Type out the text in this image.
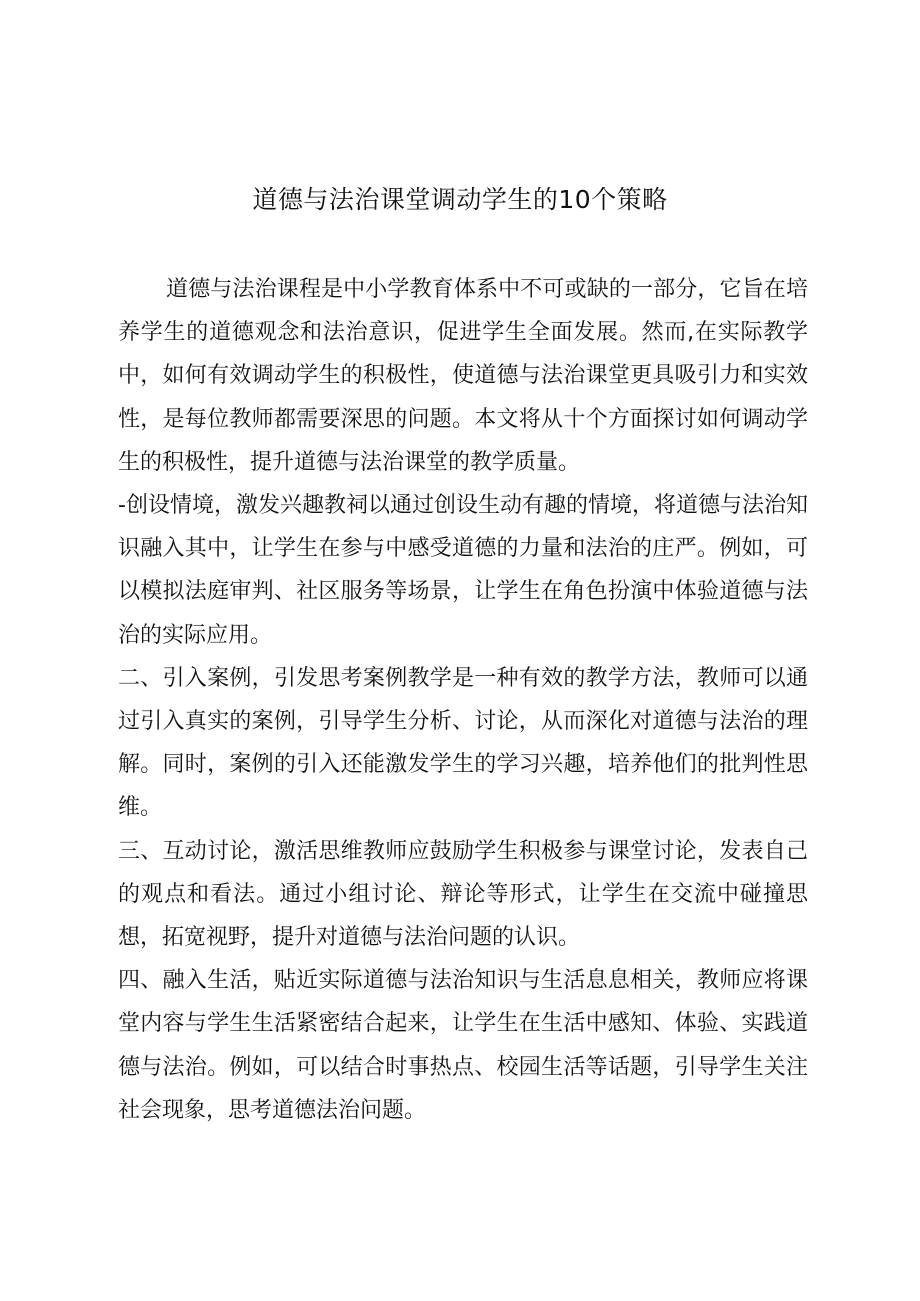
道德与法治课堂调动学生的10个策略

道德与法治课程是中小学教育体系中不可或缺的一部分，它旨在培养学生的道德观念和法治意识，促进学生全面发展。然而,在实际教学中，如何有效调动学生的积极性，使道德与法治课堂更具吸引力和实效性，是每位教师都需要深思的问题。本文将从十个方面探讨如何调动学生的积极性，提升道德与法治课堂的教学质量。

-创设情境，激发兴趣教祠以通过创设生动有趣的情境，将道德与法治知识融入其中，让学生在参与中感受道德的力量和法治的庄严。例如，可以模拟法庭审判、社区服务等场景，让学生在角色扮演中体验道德与法治的实际应用。

二、引入案例，引发思考案例教学是一种有效的教学方法，教师可以通过引入真实的案例，引导学生分析、讨论，从而深化对道德与法治的理解。同时，案例的引入还能激发学生的学习兴趣，培养他们的批判性思维。

三、互动讨论，激活思维教师应鼓励学生积极参与课堂讨论，发表自己的观点和看法。通过小组讨论、辩论等形式，让学生在交流中碰撞思想，拓宽视野，提升对道德与法治问题的认识。

四、融入生活，贴近实际道德与法治知识与生活息息相关，教师应将课堂内容与学生生活紧密结合起来，让学生在生活中感知、体验、实践道德与法治。例如，可以结合时事热点、校园生活等话题，引导学生关注社会现象，思考道德法治问题。
